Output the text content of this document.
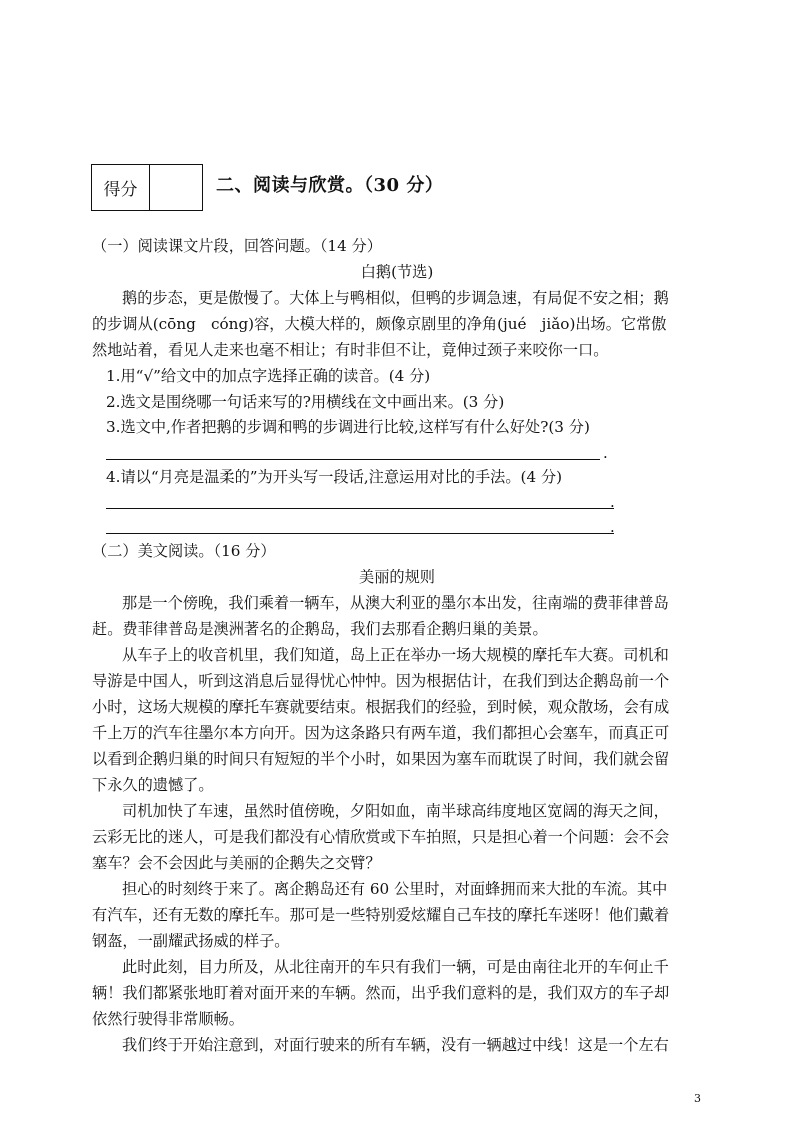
得分	二、阅读与欣赏。（30 分）
（一）阅读课文片段，回答问题。（14 分）
白鹅(节选)
鹅的步态，更是傲慢了。大体上与鸭相似，但鸭的步调急速，有局促不安之相；鹅
的步调从(cōng　cóng)容，大模大样的，颇像京剧里的净角(jué　jiǎo)出场。它常傲
然地站着，看见人走来也毫不相让；有时非但不让，竟伸过颈子来咬你一口。
1.用“√”给文中的加点字选择正确的读音。(4 分)
2.选文是围绕哪一句话来写的?用横线在文中画出来。(3 分)
3.选文中,作者把鹅的步调和鸭的步调进行比较,这样写有什么好处?(3 分)
.
4.请以“月亮是温柔的”为开头写一段话,注意运用对比的手法。(4 分)
.
.
（二）美文阅读。（16 分）
美丽的规则
那是一个傍晚，我们乘着一辆车，从澳大利亚的墨尔本出发，往南端的费菲律普岛
赶。费菲律普岛是澳洲著名的企鹅岛，我们去那看企鹅归巢的美景。
从车子上的收音机里，我们知道，岛上正在举办一场大规模的摩托车大赛。司机和
导游是中国人，听到这消息后显得忧心忡忡。因为根据估计，在我们到达企鹅岛前一个
小时，这场大规模的摩托车赛就要结束。根据我们的经验，到时候，观众散场，会有成
千上万的汽车往墨尔本方向开。因为这条路只有两车道，我们都担心会塞车，而真正可
以看到企鹅归巢的时间只有短短的半个小时，如果因为塞车而耽误了时间，我们就会留
下永久的遗憾了。
司机加快了车速，虽然时值傍晚，夕阳如血，南半球高纬度地区宽阔的海天之间，
云彩无比的迷人，可是我们都没有心情欣赏或下车拍照，只是担心着一个问题：会不会
塞车？会不会因此与美丽的企鹅失之交臂？
担心的时刻终于来了。离企鹅岛还有 60 公里时，对面蜂拥而来大批的车流。其中
有汽车，还有无数的摩托车。那可是一些特别爱炫耀自己车技的摩托车迷呀！他们戴着
钢盔，一副耀武扬威的样子。
此时此刻，目力所及，从北往南开的车只有我们一辆，可是由南往北开的车何止千
辆！我们都紧张地盯着对面开来的车辆。然而，出乎我们意料的是，我们双方的车子却
依然行驶得非常顺畅。
我们终于开始注意到，对面行驶来的所有车辆，没有一辆越过中线！这是一个左右
3
